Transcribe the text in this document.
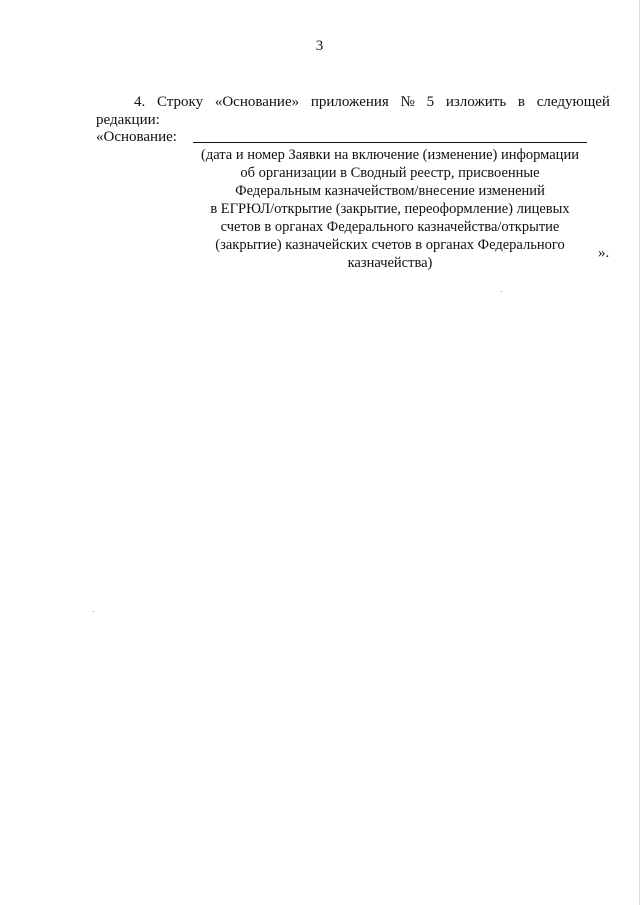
3
4. Строку «Основание» приложения № 5 изложить в следующей
редакции:
«Основание:
(дата и номер Заявки на включение (изменение) информации
об организации в Сводный реестр, присвоенные
Федеральным казначейством/внесение изменений
в ЕГРЮЛ/открытие (закрытие, переоформление) лицевых
счетов в органах Федерального казначейства/открытие
(закрытие) казначейских счетов в органах Федерального
казначейства)
».
